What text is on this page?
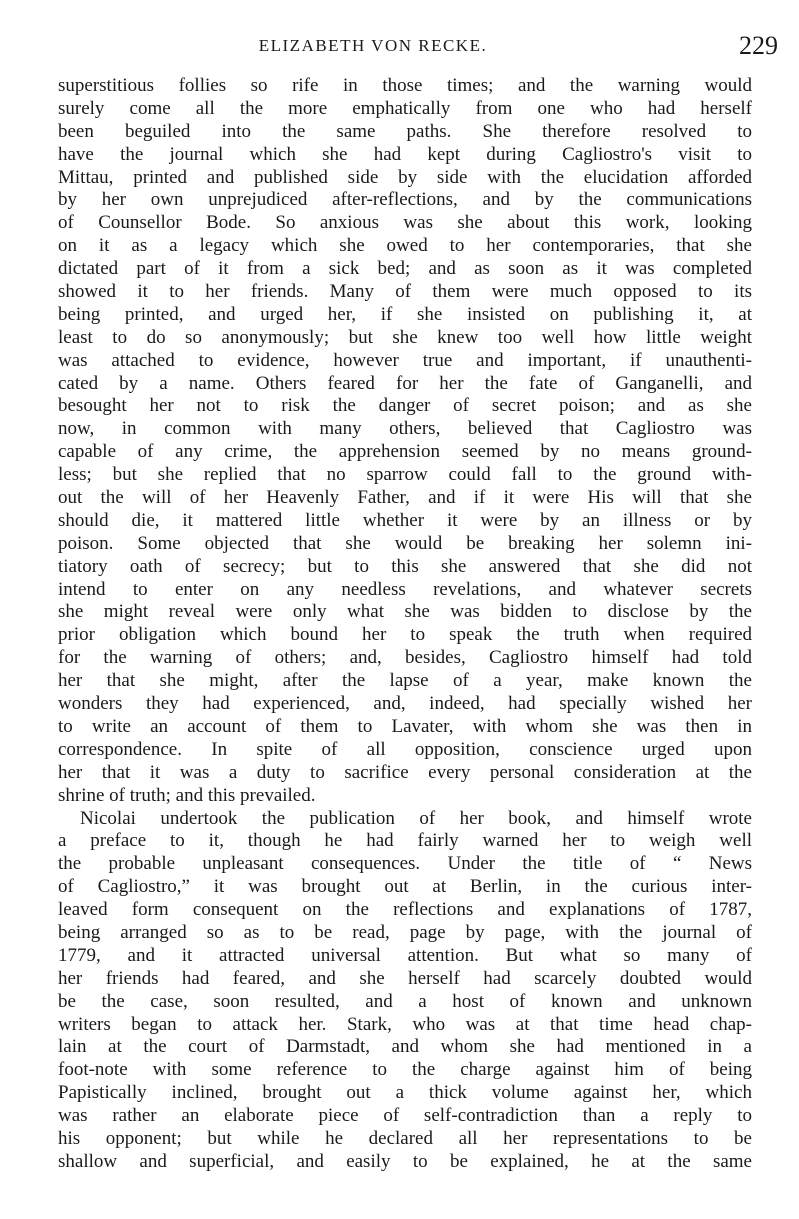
ELIZABETH VON RECKE.	229
superstitious follies so rife in those times; and the warning would
surely come all the more emphatically from one who had herself
been beguiled into the same paths. She therefore resolved to
have the journal which she had kept during Cagliostro's visit to
Mittau, printed and published side by side with the elucidation afforded
by her own unprejudiced after-reflections, and by the communications
of Counsellor Bode. So anxious was she about this work, looking
on it as a legacy which she owed to her contemporaries, that she
dictated part of it from a sick bed; and as soon as it was completed
showed it to her friends. Many of them were much opposed to its
being printed, and urged her, if she insisted on publishing it, at
least to do so anonymously; but she knew too well how little weight
was attached to evidence, however true and important, if unauthenti-
cated by a name. Others feared for her the fate of Ganganelli, and
besought her not to risk the danger of secret poison; and as she
now, in common with many others, believed that Cagliostro was
capable of any crime, the apprehension seemed by no means ground-
less; but she replied that no sparrow could fall to the ground with-
out the will of her Heavenly Father, and if it were His will that she
should die, it mattered little whether it were by an illness or by
poison. Some objected that she would be breaking her solemn ini-
tiatory oath of secrecy; but to this she answered that she did not
intend to enter on any needless revelations, and whatever secrets
she might reveal were only what she was bidden to disclose by the
prior obligation which bound her to speak the truth when required
for the warning of others; and, besides, Cagliostro himself had told
her that she might, after the lapse of a year, make known the
wonders they had experienced, and, indeed, had specially wished her
to write an account of them to Lavater, with whom she was then in
correspondence. In spite of all opposition, conscience urged upon
her that it was a duty to sacrifice every personal consideration at the
shrine of truth; and this prevailed.
Nicolai undertook the publication of her book, and himself wrote
a preface to it, though he had fairly warned her to weigh well
the probable unpleasant consequences. Under the title of “ News
of Cagliostro,” it was brought out at Berlin, in the curious inter-
leaved form consequent on the reflections and explanations of 1787,
being arranged so as to be read, page by page, with the journal of
1779, and it attracted universal attention. But what so many of
her friends had feared, and she herself had scarcely doubted would
be the case, soon resulted, and a host of known and unknown
writers began to attack her. Stark, who was at that time head chap-
lain at the court of Darmstadt, and whom she had mentioned in a
foot-note with some reference to the charge against him of being
Papistically inclined, brought out a thick volume against her, which
was rather an elaborate piece of self-contradiction than a reply to
his opponent; but while he declared all her representations to be
shallow and superficial, and easily to be explained, he at the same
